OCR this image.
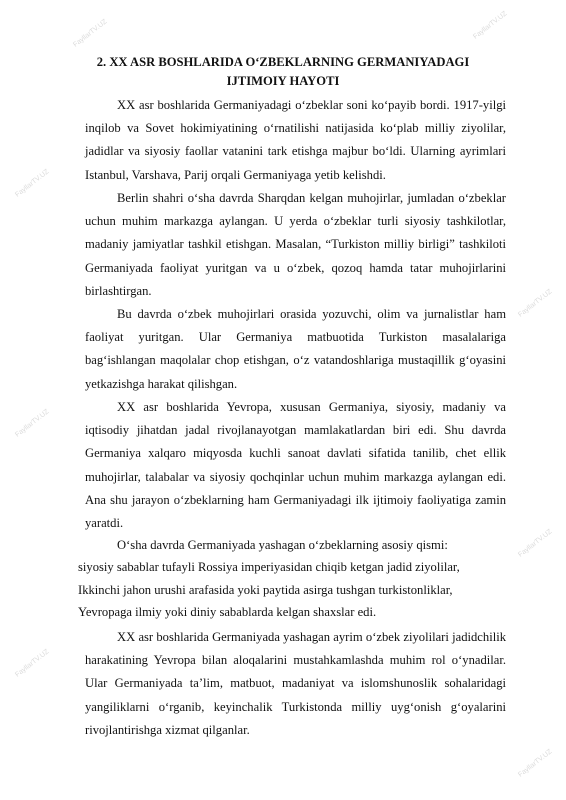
FayllarTV.UZ	FayllarTV.UZ
FayllarTV.UZ
FayllarTV.UZ
FayllarTV.UZ
FayllarTV.UZ
FayllarTV.UZ
FayllarTV.UZ
2. XX ASR BOSHLARIDA O‘ZBEKLARNING GERMANIYADAGI
IJTIMOIY HAYOTI

XX asr boshlarida Germaniyadagi o‘zbeklar soni ko‘payib bordi. 1917-yilgi inqilob va Sovet hokimiyatining o‘rnatilishi natijasida ko‘plab milliy ziyolilar, jadidlar va siyosiy faollar vatanini tark etishga majbur bo‘ldi. Ularning ayrimlari Istanbul, Varshava, Parij orqali Germaniyaga yetib kelishdi.

Berlin shahri o‘sha davrda Sharqdan kelgan muhojirlar, jumladan o‘zbeklar uchun muhim markazga aylangan. U yerda o‘zbeklar turli siyosiy tashkilotlar, madaniy jamiyatlar tashkil etishgan. Masalan, “Turkiston milliy birligi” tashkiloti Germaniyada faoliyat yuritgan va u o‘zbek, qozoq hamda tatar muhojirlarini birlashtirgan.

Bu davrda o‘zbek muhojirlari orasida yozuvchi, olim va jurnalistlar ham faoliyat yuritgan. Ular Germaniya matbuotida Turkiston masalalariga bag‘ishlangan maqolalar chop etishgan, o‘z vatandoshlariga mustaqillik g‘oyasini yetkazishga harakat qilishgan.

XX asr boshlarida Yevropa, xususan Germaniya, siyosiy, madaniy va iqtisodiy jihatdan jadal rivojlanayotgan mamlakatlardan biri edi. Shu davrda Germaniya xalqaro miqyosda kuchli sanoat davlati sifatida tanilib, chet ellik muhojirlar, talabalar va siyosiy qochqinlar uchun muhim markazga aylangan edi. Ana shu jarayon o‘zbeklarning ham Germaniyadagi ilk ijtimoiy faoliyatiga zamin yaratdi.

O‘sha davrda Germaniyada yashagan o‘zbeklarning asosiy qismi:

siyosiy sabablar tufayli Rossiya imperiyasidan chiqib ketgan jadid ziyolilar,
Ikkinchi jahon urushi arafasida yoki paytida asirga tushgan turkistonliklar,
Yevropaga ilmiy yoki diniy sabablarda kelgan shaxslar edi.

XX asr boshlarida Germaniyada yashagan ayrim o‘zbek ziyolilari jadidchilik harakatining Yevropa bilan aloqalarini mustahkamlashda muhim rol o‘ynadilar. Ular Germaniyada ta’lim, matbuot, madaniyat va islomshunoslik sohalaridagi yangiliklarni o‘rganib, keyinchalik Turkistonda milliy uyg‘onish g‘oyalarini rivojlantirishga xizmat qilganlar.
